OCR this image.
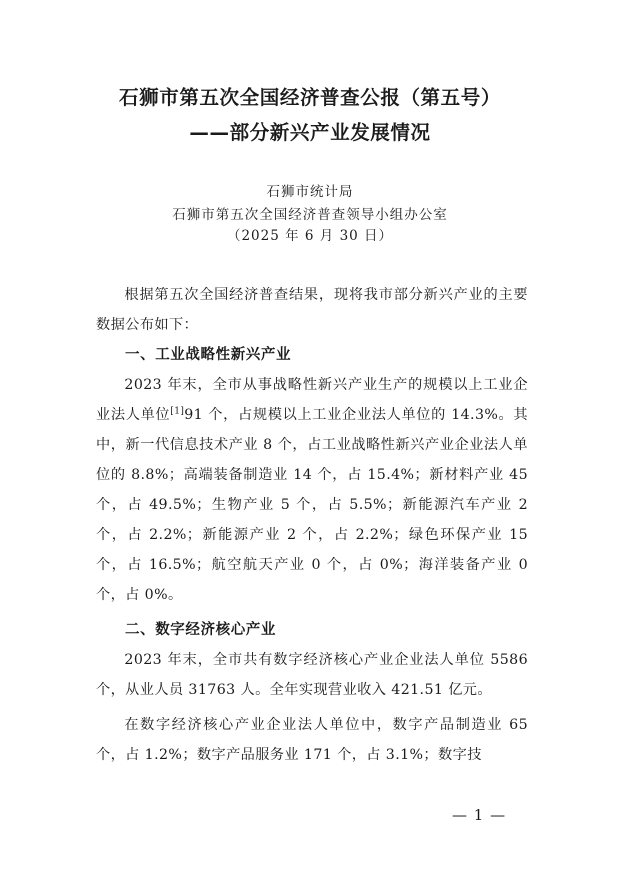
石狮市第五次全国经济普查公报（第五号）
——部分新兴产业发展情况
石狮市统计局
石狮市第五次全国经济普查领导小组办公室
（2025 年 6 月 30 日）

根据第五次全国经济普查结果，现将我市部分新兴产业的主要数据公布如下：

一、工业战略性新兴产业

2023 年末，全市从事战略性新兴产业生产的规模以上工业企业法人单位[1]91 个，占规模以上工业企业法人单位的 14.3%。其中，新一代信息技术产业 8 个，占工业战略性新兴产业企业法人单位的 8.8%；高端装备制造业 14 个，占 15.4%；新材料产业 45 个，占 49.5%；生物产业 5 个，占 5.5%；新能源汽车产业 2 个，占 2.2%；新能源产业 2 个，占 2.2%；绿色环保产业 15 个，占 16.5%；航空航天产业 0 个，占 0%；海洋装备产业 0 个，占 0%。

二、数字经济核心产业

2023 年末，全市共有数字经济核心产业企业法人单位 5586 个，从业人员 31763 人。全年实现营业收入 421.51 亿元。

在数字经济核心产业企业法人单位中，数字产品制造业 65 个，占 1.2%；数字产品服务业 171 个，占 3.1%；数字技

— 1 —
